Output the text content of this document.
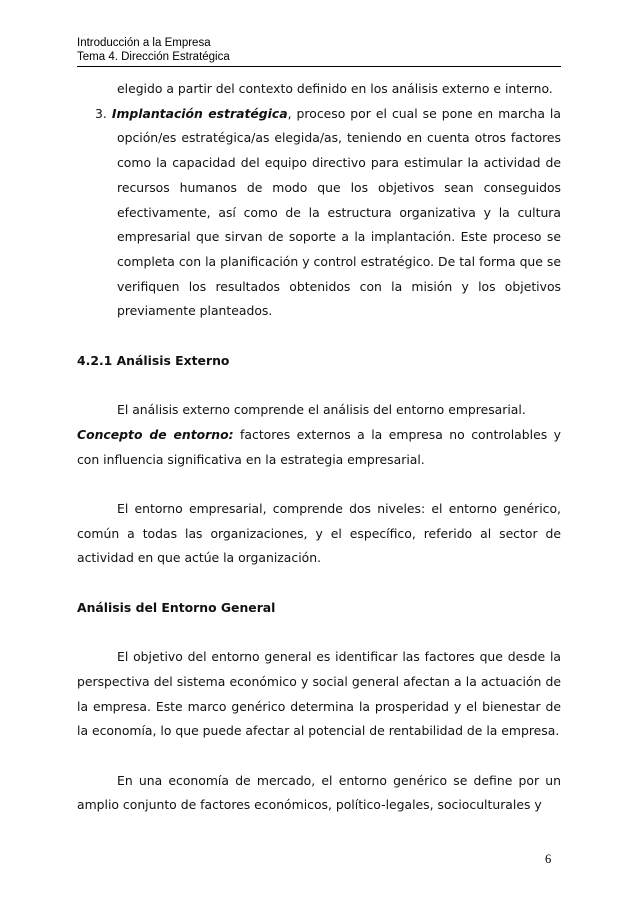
Introducción a la Empresa
Tema 4. Dirección Estratégica

elegido a partir del contexto definido en los análisis externo e interno.

3. Implantación estratégica, proceso por el cual se pone en marcha la opción/es estratégica/as elegida/as, teniendo en cuenta otros factores como la capacidad del equipo directivo para estimular la actividad de recursos humanos de modo que los objetivos sean conseguidos efectivamente, así como de la estructura organizativa y la cultura empresarial que sirvan de soporte a la implantación. Este proceso se completa con la planificación y control estratégico. De tal forma que se verifiquen los resultados obtenidos con la misión y los objetivos previamente planteados.

4.2.1 Análisis Externo

El análisis externo comprende el análisis del entorno empresarial.

Concepto de entorno: factores externos a la empresa no controlables y con influencia significativa en la estrategia empresarial.

El entorno empresarial, comprende dos niveles: el entorno genérico, común a todas las organizaciones, y el específico, referido al sector de actividad en que actúe la organización.

Análisis del Entorno General

El objetivo del entorno general es identificar las factores que desde la perspectiva del sistema económico y social general afectan a la actuación de la empresa. Este marco genérico determina la prosperidad y el bienestar de la economía, lo que puede afectar al potencial de rentabilidad de la empresa.

En una economía de mercado, el entorno genérico se define por un amplio conjunto de factores económicos, político-legales, socioculturales y

6
